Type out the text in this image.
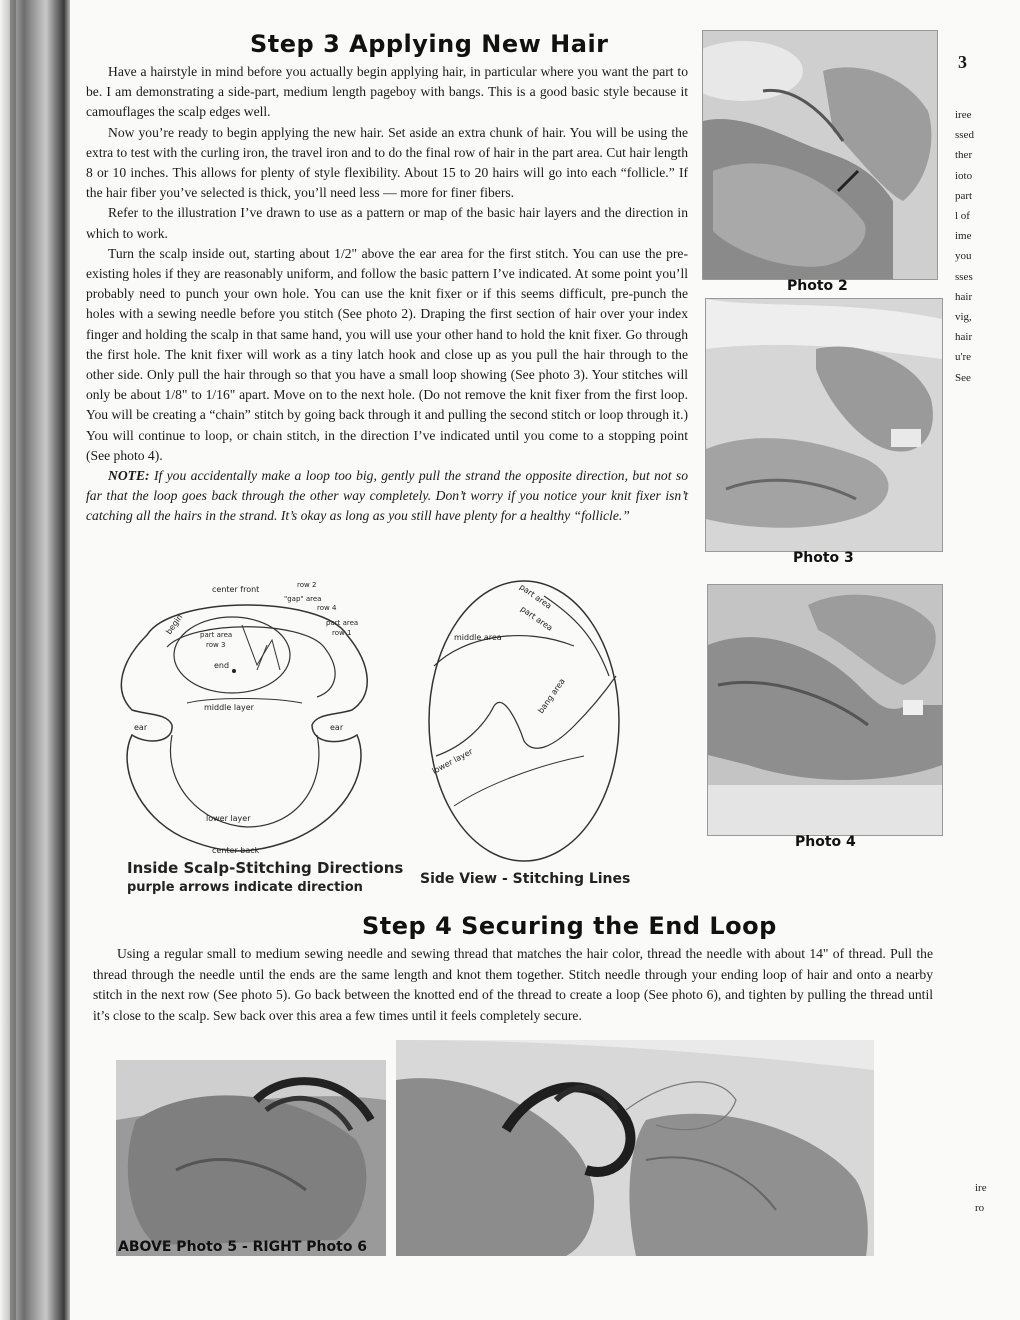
Step 3 Applying New Hair

Have a hairstyle in mind before you actually begin applying hair, in particular where you want the part to be. I am demonstrating a side-part, medium length pageboy with bangs. This is a good basic style because it camouflages the scalp edges well.

Now you’re ready to begin applying the new hair. Set aside an extra chunk of hair. You will be using the extra to test with the curling iron, the travel iron and to do the final row of hair in the part area. Cut hair length 8 or 10 inches. This allows for plenty of style flexibility. About 15 to 20 hairs will go into each “follicle.” If the hair fiber you’ve selected is thick, you’ll need less — more for finer fibers.

Refer to the illustration I’ve drawn to use as a pattern or map of the basic hair layers and the direction in which to work.

Turn the scalp inside out, starting about 1/2" above the ear area for the first stitch. You can use the pre-existing holes if they are reasonably uniform, and follow the basic pattern I’ve indicated. At some point you’ll probably need to punch your own hole. You can use the knit fixer or if this seems difficult, pre-punch the holes with a sewing needle before you stitch (See photo 2). Draping the first section of hair over your index finger and holding the scalp in that same hand, you will use your other hand to hold the knit fixer. Go through the first hole. The knit fixer will work as a tiny latch hook and close up as you pull the hair through to the other side. Only pull the hair through so that you have a small loop showing (See photo 3). Your stitches will only be about 1/8" to 1/16" apart. Move on to the next hole. (Do not remove the knit fixer from the first loop. You will be creating a “chain” stitch by going back through it and pulling the second stitch or loop through it.) You will continue to loop, or chain stitch, in the direction I’ve indicated until you come to a stopping point (See photo 4).

NOTE: If you accidentally make a loop too big, gently pull the strand the opposite direction, but not so far that the loop goes back through the other way completely. Don’t worry if you notice your knit fixer isn’t catching all the hairs in the strand. It’s okay as long as you still have plenty for a healthy “follicle.”

Photo 2
Photo 3
Photo 4
center front	row 2
"gap" area
row 4
part area
row 1
begin part area
row 3
end
middle layer
ear	ear
lower layer
center back
Inside Scalp-Stitching Directions
purple arrows indicate direction
part area
part area
middle area
bang area
lower layer
Side View - Stitching Lines
Step 4 Securing the End Loop

Using a regular small to medium sewing needle and sewing thread that matches the hair color, thread the needle with about 14" of thread. Pull the thread through the needle until the ends are the same length and knot them together. Stitch needle through your ending loop of hair and onto a nearby stitch in the next row (See photo 5). Go back between the knotted end of the thread to create a loop (See photo 6), and tighten by pulling the thread until it’s close to the scalp. Sew back over this area a few times until it feels completely secure.

ABOVE Photo 5 - RIGHT Photo 6
3
iree
ssed
ther
ioto
part
l of
ime
you
sses
hair
vig,
hair
u're
See
ire
ro
